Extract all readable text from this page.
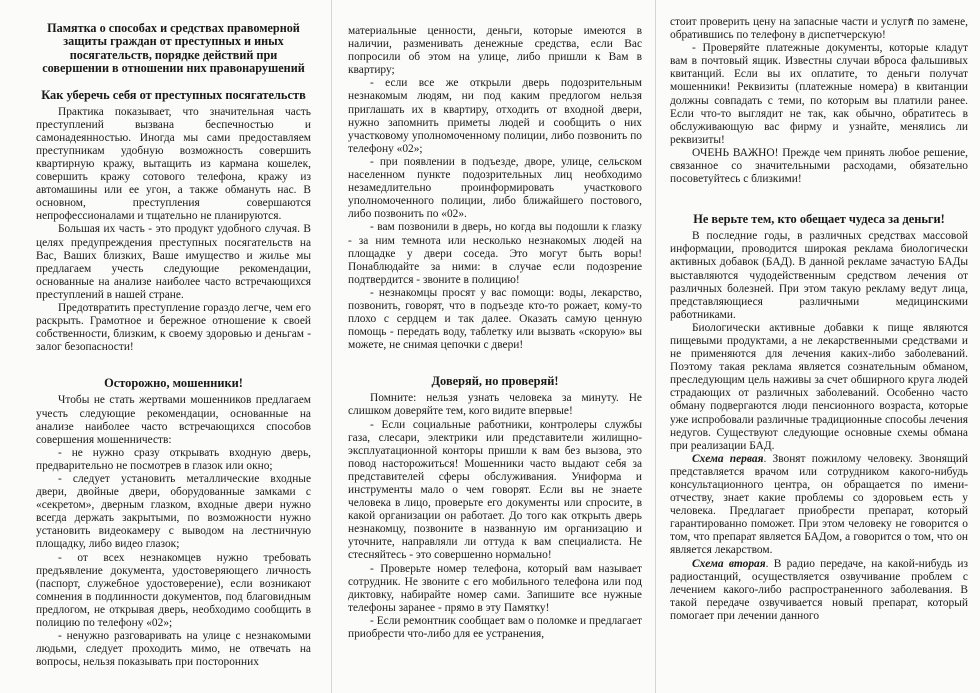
Памятка о способах и средствах правомерной защиты граждан от преступных и иных посягательств, порядке действий при совершении в отношении них правонарушений
Как уберечь себя от преступных посягательств

Практика показывает, что значительная часть преступлений вызвана беспечностью и самонадеянностью. Иногда мы сами предоставляем преступникам удобную возможность совершить квартирную кражу, вытащить из кармана кошелек, совершить кражу сотового телефона, кражу из автомашины или ее угон, а также обмануть нас. В основном, преступления совершаются непрофессионалами и тщательно не планируются.

Большая их часть - это продукт удобного случая. В целях предупреждения преступных посягательств на Вас, Ваших близких, Ваше имущество и жилье мы предлагаем учесть следующие рекомендации, основанные на анализе наиболее часто встречающихся преступлений в нашей стране.

Предотвратить преступление гораздо легче, чем его раскрыть. Грамотное и бережное отношение к своей собственности, близким, к своему здоровью и деньгам - залог безопасности!

Осторожно, мошенники!

Чтобы не стать жертвами мошенников предлагаем учесть следующие рекомендации, основанные на анализе наиболее часто встречающихся способов совершения мошенничеств:

- не нужно сразу открывать входную дверь, предварительно не посмотрев в глазок или окно;

- следует установить металлические входные двери, двойные двери, оборудованные замками с «секретом», дверным глазком, входные двери нужно всегда держать закрытыми, по возможности нужно установить видеокамеру с выводом на лестничную площадку, либо видео глазок;

- от всех незнакомцев нужно требовать предъявление документа, удостоверяющего личность (паспорт, служебное удостоверение), если возникают сомнения в подлинности документов, под благовидным предлогом, не открывая дверь, необходимо сообщить в полицию по телефону «02»;

- ненужно разговаривать на улице с незнакомыми людьми, следует проходить мимо, не отвечать на вопросы, нельзя показывать при посторонних

материальные ценности, деньги, которые имеются в наличии, разменивать денежные средства, если Вас попросили об этом на улице, либо пришли к Вам в квартиру;

- если все же открыли дверь подозрительным незнакомым людям, ни под каким предлогом нельзя приглашать их в квартиру, отходить от входной двери, нужно запомнить приметы людей и сообщить о них участковому уполномоченному полиции, либо позвонить по телефону «02»;

- при появлении в подъезде, дворе, улице, сельском населенном пункте подозрительных лиц необходимо незамедлительно проинформировать участкового уполномоченного полиции, либо ближайшего постового, либо позвонить по «02».

- вам позвонили в дверь, но когда вы подошли к глазку - за ним темнота или несколько незнакомых людей на площадке у двери соседа. Это могут быть воры! Понаблюдайте за ними: в случае если подозрение подтвердится - звоните в полицию!

- незнакомцы просят у вас помощи: воды, лекарство, позвонить, говорят, что в подъезде кто-то рожает, кому-то плохо с сердцем и так далее. Оказать самую ценную помощь - передать воду, таблетку или вызвать «скорую» вы можете, не снимая цепочки с двери!

Доверяй, но проверяй!

Помните: нельзя узнать человека за минуту. Не слишком доверяйте тем, кого видите впервые!

- Если социальные работники, контролеры службы газа, слесари, электрики или представители жилищно-эксплуатационной конторы пришли к вам без вызова, это повод насторожиться! Мошенники часто выдают себя за представителей сферы обслуживания. Униформа и инструменты мало о чем говорят. Если вы не знаете человека в лицо, проверьте его документы или спросите, в какой организации он работает. До того как открыть дверь незнакомцу, позвоните в названную им организацию и уточните, направляли ли оттуда к вам специалиста. Не стесняйтесь - это совершенно нормально!

- Проверьте номер телефона, который вам называет сотрудник. Не звоните с его мобильного телефона или под диктовку, набирайте номер сами. Запишите все нужные телефоны заранее - прямо в эту Памятку!

- Если ремонтник сообщает вам о поломке и предлагает приобрести что-либо для ее устранения,

стоит проверить цену на запасные части и услуги по замене, обратившись по телефону в диспетчерскую!

- Проверяйте платежные документы, которые кладут вам в почтовый ящик. Известны случаи вброса фальшивых квитанций. Если вы их оплатите, то деньги получат мошенники! Реквизиты (платежные номера) в квитанции должны совпадать с теми, по которым вы платили ранее. Если что-то выглядит не так, как обычно, обратитесь в обслуживающую вас фирму и узнайте, менялись ли реквизиты!

ОЧЕНЬ ВАЖНО! Прежде чем принять любое решение, связанное со значительными расходами, обязательно посоветуйтесь с близкими!

Не верьте тем, кто обещает чудеса за деньги!

В последние годы, в различных средствах массовой информации, проводится широкая реклама биологически активных добавок (БАД). В данной рекламе зачастую БАДы выставляются чудодейственным средством лечения от различных болезней. При этом такую рекламу ведут лица, представляющиеся различными медицинскими работниками.

Биологически активные добавки к пище являются пищевыми продуктами, а не лекарственными средствами и не применяются для лечения каких-либо заболеваний. Поэтому такая реклама является сознательным обманом, преследующим цель наживы за счет обширного круга людей страдающих от различных заболеваний. Особенно часто обману подвергаются люди пенсионного возраста, которые уже испробовали различные традиционные способы лечения недугов. Существуют следующие основные схемы обмана при реализации БАД.

Схема первая. Звонят пожилому человеку. Звонящий представляется врачом или сотрудником какого-нибудь консультационного центра, он обращается по имени-отчеству, знает какие проблемы со здоровьем есть у человека. Предлагает приобрести препарат, который гарантированно поможет. При этом человеку не говорится о том, что препарат является БАДом, а говорится о том, что он является лекарством.

Схема вторая. В радио передаче, на какой-нибудь из радиостанций, осуществляется озвучивание проблем с лечением какого-либо распространенного заболевания. В такой передаче озвучивается новый препарат, который помогает при лечении данного
